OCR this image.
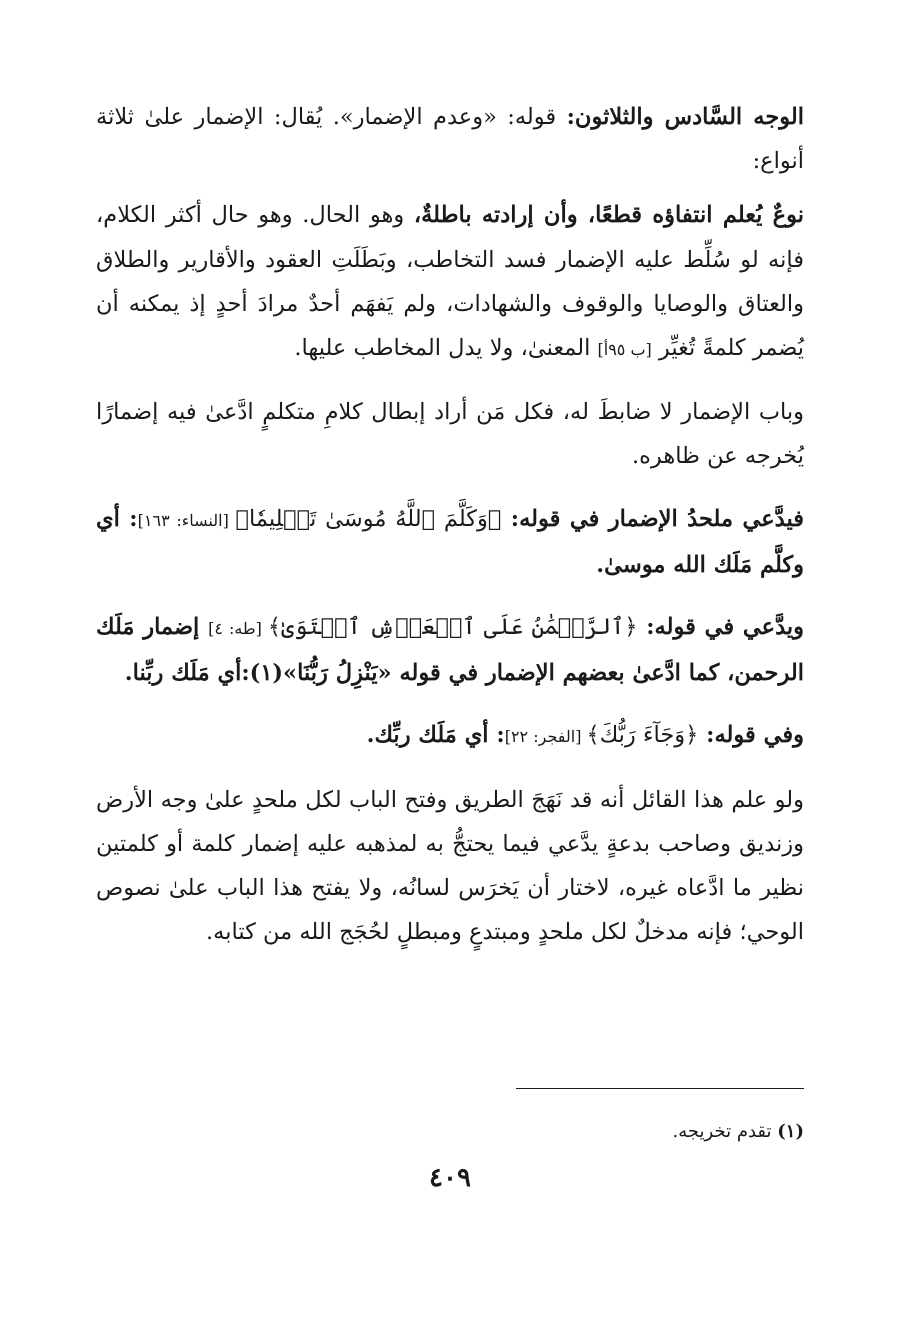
الوجه السَّادس والثلاثون: قوله: «وعدم الإضمار». يُقال: الإضمار علىٰ ثلاثة أنواع:

نوعٌ يُعلم انتفاؤه قطعًا، وأن إرادته باطلةٌ، وهو الحال. وهو حال أكثر الكلام، فإنه لو سُلِّط عليه الإضمار فسد التخاطب، وبَطَلَتِ العقود والأقارير والطلاق والعتاق والوصايا والوقوف والشهادات، ولم يَفهَم أحدٌ مرادَ أحدٍ إذ يمكنه أن يُضمر كلمةً تُغيِّر [ب ٩٥أ] المعنىٰ، ولا يدل المخاطب عليها.

وباب الإضمار لا ضابطَ له، فكل مَن أراد إبطال كلامِ متكلمٍ ادَّعىٰ فيه إضمارًا يُخرجه عن ظاهره.

فيدَّعي ملحدُ الإضمار في قوله: ﴿وَكَلَّمَ ٱللَّهُ مُوسَىٰ تَكۡلِيمٗا﴾ [النساء: ١٦٣]: أي وكلَّم مَلَك الله موسىٰ.

ويدَّعي في قوله: ﴿ٱلرَّحۡمَٰنُ عَلَى ٱلۡعَرۡشِ ٱسۡتَوَىٰ﴾ [طه: ٤] إضمار مَلَك الرحمن، كما ادَّعىٰ بعضهم الإضمار في قوله «يَنْزِلُ رَبُّنَا»(١):أي مَلَك ربِّنا.

وفي قوله: ﴿وَجَآءَ رَبُّكَ﴾ [الفجر: ٢٢]: أي مَلَك ربِّك.

ولو علم هذا القائل أنه قد نَهَجَ الطريق وفتح الباب لكل ملحدٍ علىٰ وجه الأرض وزنديق وصاحب بدعةٍ يدَّعي فيما يحتجُّ به لمذهبه عليه إضمار كلمة أو كلمتين نظير ما ادَّعاه غيره، لاختار أن يَخرَس لسانُه، ولا يفتح هذا الباب علىٰ نصوص الوحي؛ فإنه مدخلٌ لكل ملحدٍ ومبتدعٍ ومبطلٍ لحُجَج الله من كتابه.

(١) تقدم تخريجه.
٤٠٩
